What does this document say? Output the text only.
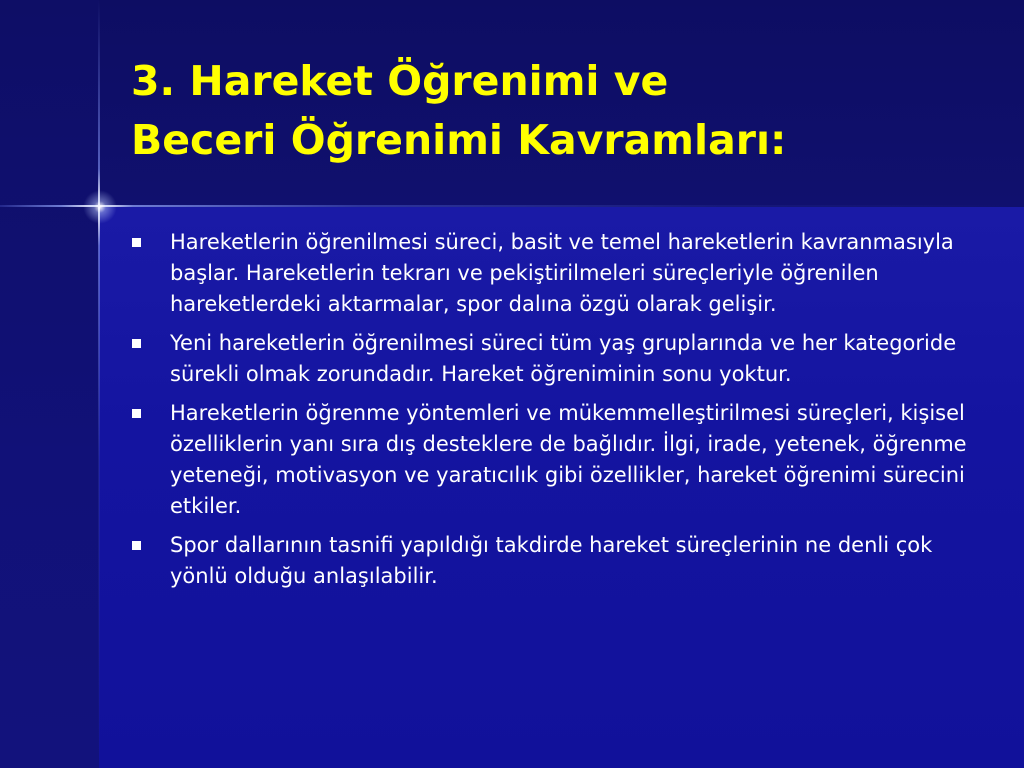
3. Hareket Öğrenimi ve
Beceri Öğrenimi Kavramları:
Hareketlerin öğrenilmesi süreci, basit ve temel hareketlerin kavranmasıyla başlar. Hareketlerin tekrarı ve pekiştirilmeleri süreçleriyle öğrenilen hareketlerdeki aktarmalar, spor dalına özgü olarak gelişir.
Yeni hareketlerin öğrenilmesi süreci tüm yaş gruplarında ve her kategoride sürekli olmak zorundadır. Hareket öğreniminin sonu yoktur.
Hareketlerin öğrenme yöntemleri ve mükemmelleştirilmesi süreçleri, kişisel özelliklerin yanı sıra dış desteklere de bağlıdır. İlgi, irade, yetenek, öğrenme yeteneği, motivasyon ve yaratıcılık gibi özellikler, hareket öğrenimi sürecini etkiler.
Spor dallarının tasnifi yapıldığı takdirde hareket süreçlerinin ne denli çok yönlü olduğu anlaşılabilir.
